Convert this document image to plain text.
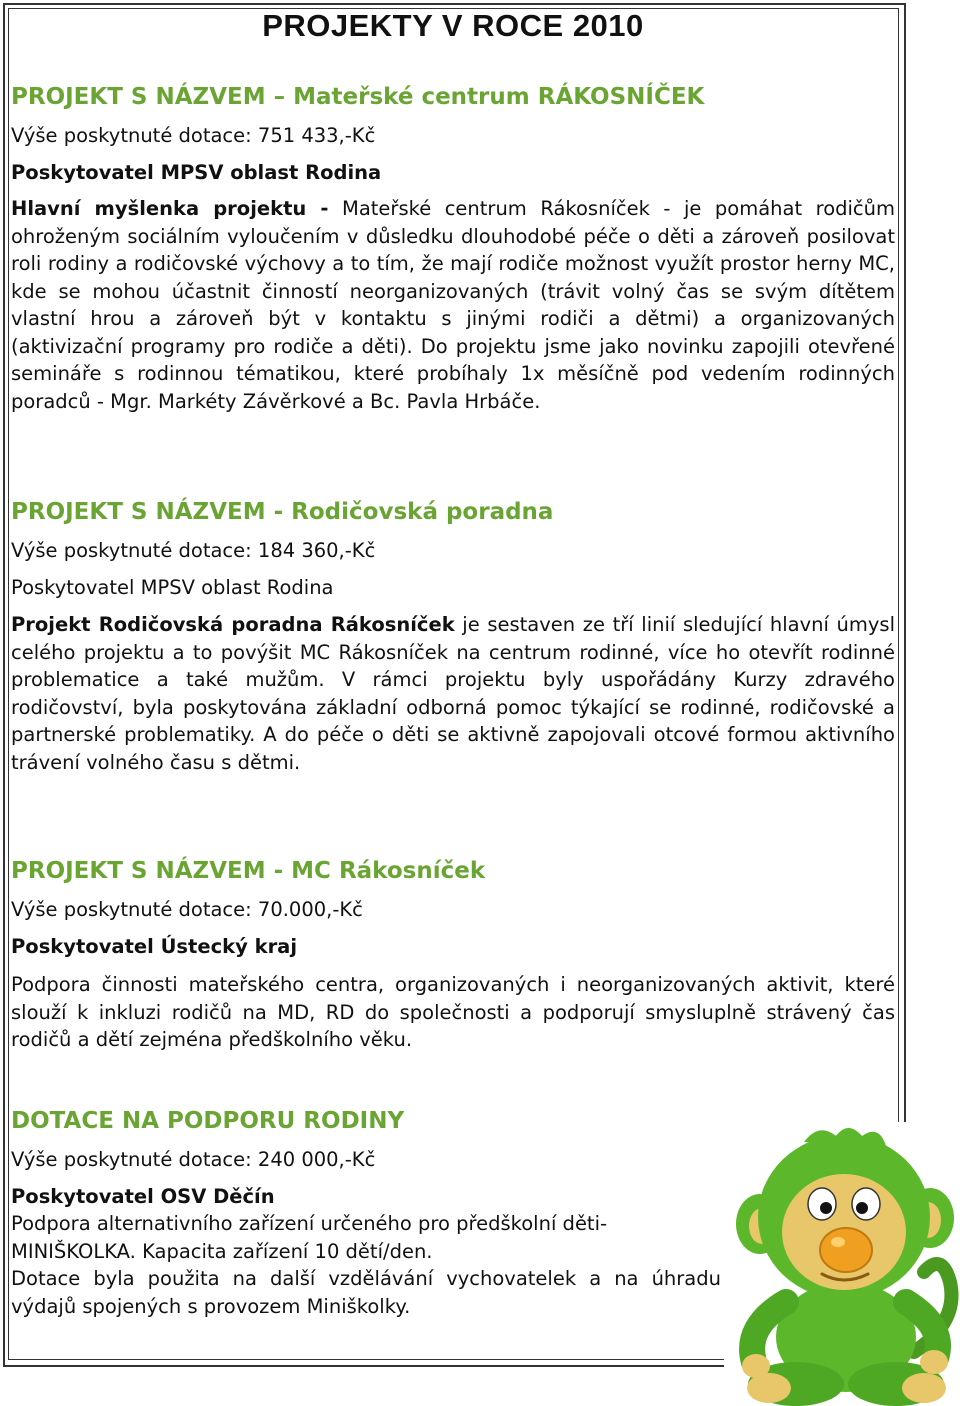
PROJEKTY V ROCE 2010

PROJEKT S NÁZVEM – Mateřské centrum RÁKOSNÍČEK

Výše poskytnuté dotace: 751 433,-Kč

Poskytovatel MPSV oblast Rodina

Hlavní myšlenka projektu - Mateřské centrum Rákosníček - je pomáhat rodičům ohroženým sociálním vyloučením v důsledku dlouhodobé péče o děti a zároveň posilovat roli rodiny a rodičovské výchovy a to tím, že mají rodiče možnost využít prostor herny MC, kde se mohou účastnit činností neorganizovaných (trávit volný čas se svým dítětem vlastní hrou a zároveň být v kontaktu s jinými rodiči a dětmi) a organizovaných (aktivizační programy pro rodiče a děti). Do projektu jsme jako novinku zapojili otevřené semináře s rodinnou tématikou, které probíhaly 1x měsíčně pod vedením rodinných poradců - Mgr. Markéty Závěrkové a Bc. Pavla Hrbáče.

PROJEKT S NÁZVEM - Rodičovská poradna

Výše poskytnuté dotace: 184 360,-Kč

Poskytovatel MPSV oblast Rodina

Projekt Rodičovská poradna Rákosníček je sestaven ze tří linií sledující hlavní úmysl celého projektu a to povýšit MC Rákosníček na centrum rodinné, více ho otevřít rodinné problematice a také mužům. V rámci projektu byly uspořádány Kurzy zdravého rodičovství, byla poskytována základní odborná pomoc týkající se rodinné, rodičovské a partnerské problematiky. A do péče o děti se aktivně zapojovali otcové formou aktivního trávení volného času s dětmi.

PROJEKT S NÁZVEM - MC Rákosníček

Výše poskytnuté dotace: 70.000,-Kč

Poskytovatel Ústecký kraj

Podpora činnosti mateřského centra, organizovaných i neorganizovaných aktivit, které slouží k inkluzi rodičů na MD, RD do společnosti a podporují smysluplně strávený čas rodičů a dětí zejména předškolního věku.

DOTACE NA PODPORU RODINY

Výše poskytnuté dotace: 240 000,-Kč

Poskytovatel OSV Děčín

Podpora alternativního zařízení určeného pro předškolní děti-

MINIŠKOLKA. Kapacita zařízení 10 dětí/den.

Dotace byla použita na další vzdělávání vychovatelek a na úhradu výdajů spojených s provozem Miniškolky.
